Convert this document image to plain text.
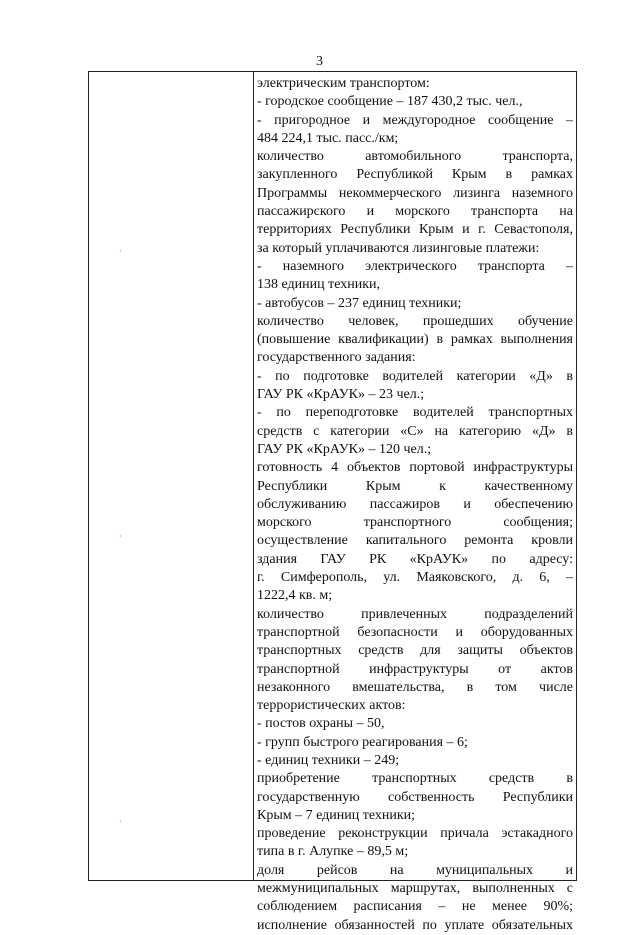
3
·
·
·
электрическим транспортом:
- городское сообщение – 187 430,2 тыс. чел.,
- пригородное и междугородное сообщение –
484 224,1 тыс. пасс./км;
количество автомобильного транспорта,
закупленного Республикой Крым в рамках
Программы некоммерческого лизинга наземного
пассажирского и морского транспорта на
территориях Республики Крым и г. Севастополя,
за который уплачиваются лизинговые платежи:
- наземного электрического транспорта –
138 единиц техники,
- автобусов – 237 единиц техники;
количество человек, прошедших обучение
(повышение квалификации) в рамках выполнения
государственного задания:
- по подготовке водителей категории «Д» в
ГАУ РК «КрАУК» – 23 чел.;
- по переподготовке водителей транспортных
средств с категории «С» на категорию «Д» в
ГАУ РК «КрАУК» – 120 чел.;
готовность 4 объектов портовой инфраструктуры
Республики Крым к качественному
обслуживанию пассажиров и обеспечению
морского транспортного сообщения;
осуществление капитального ремонта кровли
здания ГАУ РК «КрАУК» по адресу:
г. Симферополь, ул. Маяковского, д. 6, –
1222,4 кв. м;
количество привлеченных подразделений
транспортной безопасности и оборудованных
транспортных средств для защиты объектов
транспортной инфраструктуры от актов
незаконного вмешательства, в том числе
террористических актов:
- постов охраны – 50,
- групп быстрого реагирования – 6;
- единиц техники – 249;
приобретение транспортных средств в
государственную собственность Республики
Крым – 7 единиц техники;
проведение реконструкции причала эстакадного
типа в г. Алупке – 89,5 м;
доля рейсов на муниципальных и
межмуниципальных маршрутах, выполненных с
соблюдением расписания – не менее 90%;
исполнение обязанностей по уплате обязательных
